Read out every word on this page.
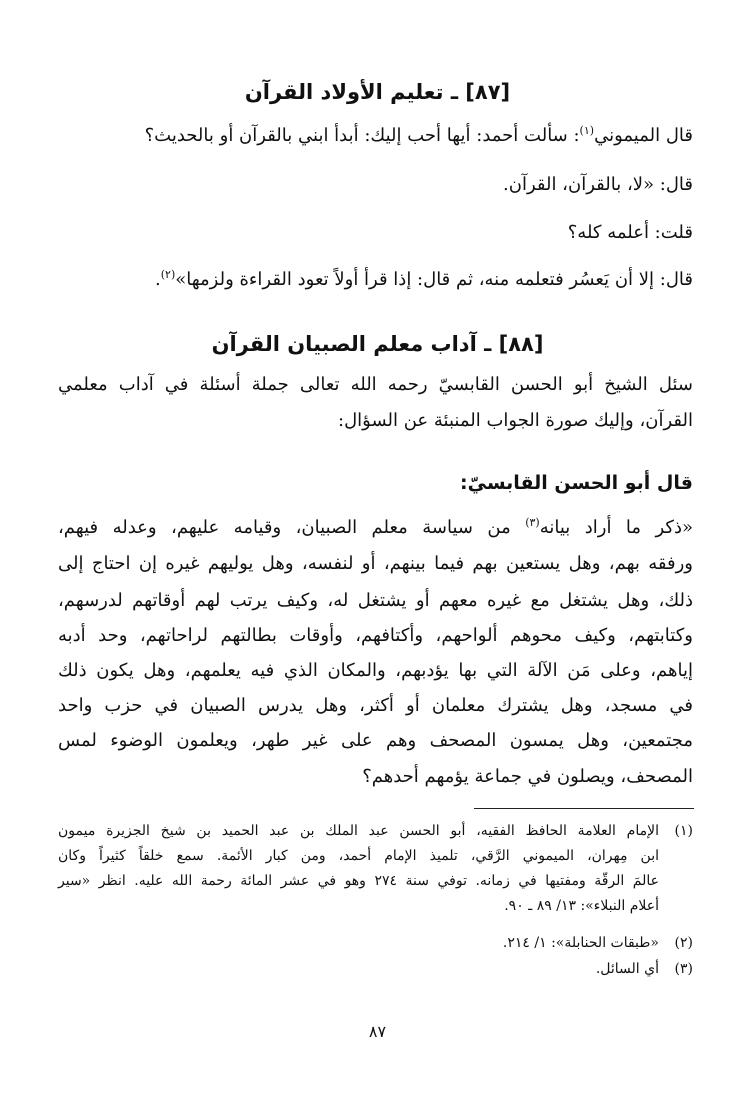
[٨٧] ـ تعليم الأولاد القرآن
قال الميموني$^{(١)}$: سألت أحمد: أيها أحب إليك: أبدأ ابني بالقرآن أو بالحديث؟
قال: «لا، بالقرآن، القرآن.
قلت: أعلمه كله؟
قال: إلا أن يَعسُر فتعلمه منه، ثم قال: إذا قرأ أولاً تعود القراءة ولزمها»$^{(٢)}$.
[٨٨] ـ آداب معلم الصبيان القرآن
سئل الشيخ أبو الحسن القابسيّ رحمه الله تعالى جملة أسئلة في آداب معلمي
القرآن، وإليك صورة الجواب المنبئة عن السؤال:
قال أبو الحسن القابسيّ:
«ذكر ما أراد بيانه$^{(٣)}$ من سياسة معلم الصبيان، وقيامه عليهم، وعدله فيهم،
ورفقه بهم، وهل يستعين بهم فيما بينهم، أو لنفسه، وهل يوليهم غيره إن احتاج إلى
ذلك، وهل يشتغل مع غيره معهم أو يشتغل له، وكيف يرتب لهم أوقاتهم لدرسهم،
وكتابتهم، وكيف محوهم ألواحهم، وأكتافهم، وأوقات بطالتهم لراحاتهم، وحد أدبه
إياهم، وعلى مَن الآلة التي بها يؤدبهم، والمكان الذي فيه يعلمهم، وهل يكون ذلك
في مسجد، وهل يشترك معلمان أو أكثر، وهل يدرس الصبيان في حزب واحد
مجتمعين، وهل يمسون المصحف وهم على غير طهر، ويعلمون الوضوء لمس
المصحف، ويصلون في جماعة يؤمهم أحدهم؟
(١)الإمام العلامة الحافظ الفقيه، أبو الحسن عبد الملك بن عبد الحميد بن شيخ الجزيرة ميمون
ابن مِهران، الميموني الرَّقي، تلميذ الإمام أحمد، ومن كبار الأئمة. سمع خلقاً كثيراً وكان
عالمَ الرقّة ومفتيها في زمانه. توفي سنة ٢٧٤ وهو في عشر المائة رحمة الله عليه. انظر «سير
أعلام النبلاء»: ١٣/ ٨٩ ـ ٩٠.
(٢)«طبقات الحنابلة»: ١/ ٢١٤.
(٣)أي السائل.
٨٧
